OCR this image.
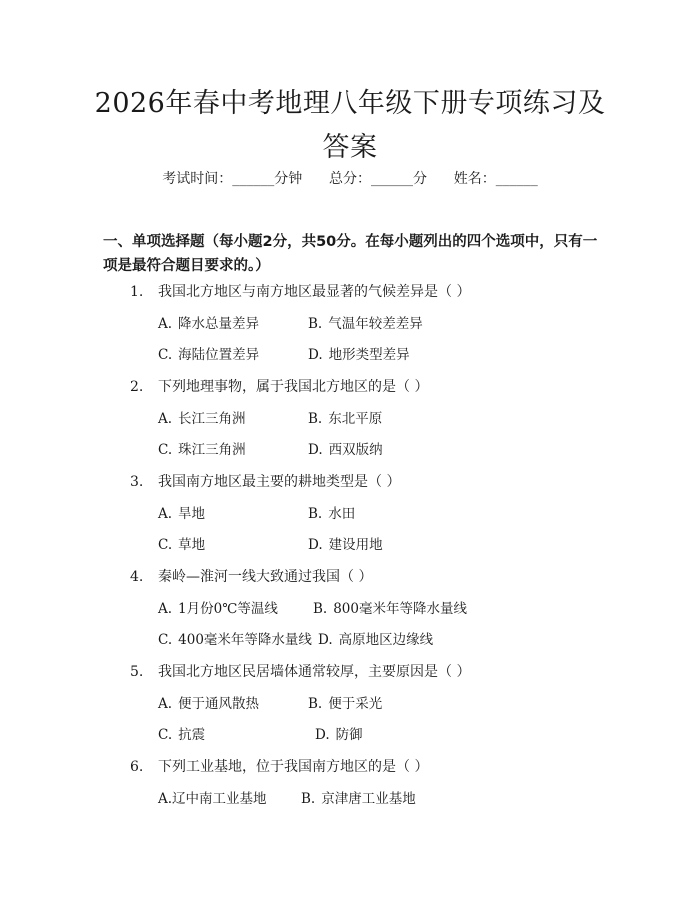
2026年春中考地理八年级下册专项练习及答案
考试时间：______分钟      总分：______分      姓名：______

一、单项选择题（每小题2分，共50分。在每小题列出的四个选项中，只有一项是最符合题目要求的。）

1. 我国北方地区与南方地区最显著的气候差异是（ ）
A. 降水总量差异	B. 气温年较差差异
C. 海陆位置差异	D. 地形类型差异
2. 下列地理事物，属于我国北方地区的是（ ）
A. 长江三角洲	B. 东北平原
C. 珠江三角洲	D. 西双版纳
3. 我国南方地区最主要的耕地类型是（ ）
A. 旱地	B. 水田
C. 草地	D. 建设用地
4. 秦岭—淮河一线大致通过我国（ ）
A. 1月份0℃等温线	B. 800毫米年等降水量线
C. 400毫米年等降水量线 D. 高原地区边缘线
5. 我国北方地区民居墙体通常较厚，主要原因是（ ）
A. 便于通风散热	B. 便于采光
C. 抗震	D. 防御
6. 下列工业基地，位于我国南方地区的是（ ）
A.辽中南工业基地	B. 京津唐工业基地
